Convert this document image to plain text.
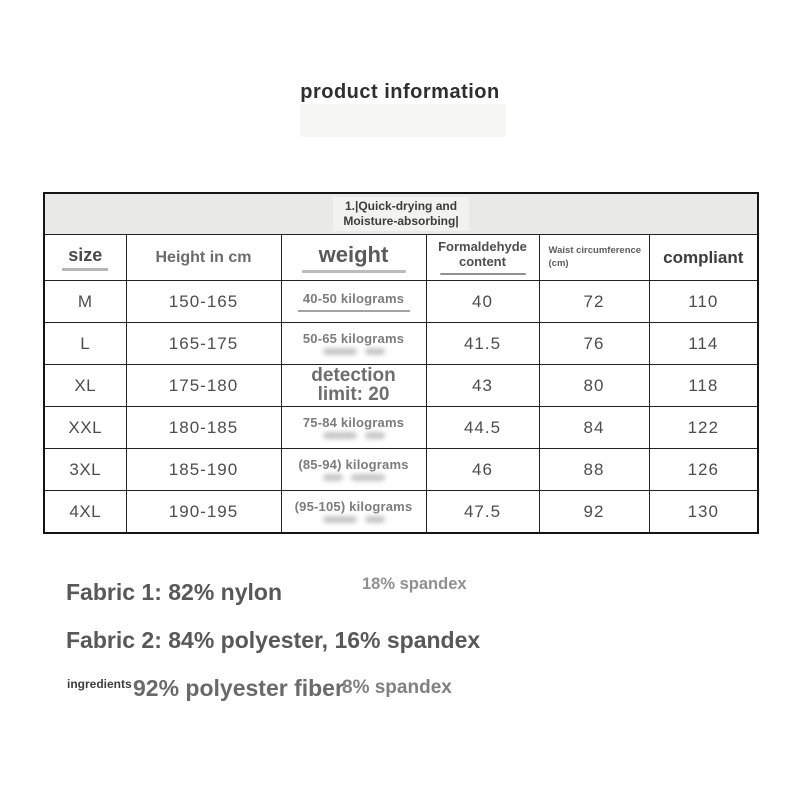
product information
1.|Quick-drying and
Moisture-absorbing|					
size	Height in cm	weight	Formaldehyde content	Waist circumference (cm)	compliant
M	150-165	40-50 kilograms	40	72	110
L	165-175	50-65 kilograms	41.5	76	114
XL	175-180	detection limit: 20	43	80	118
XXL	180-185	75-84 kilograms	44.5	84	122
3XL	185-190	(85-94) kilograms	46	88	126
4XL	190-195	(95-105) kilograms	47.5	92	130
Fabric 1: 82% nylon	18% spandex
Fabric 2: 84% polyester, 16% spandex
ingredients 92% polyester fiber
8% spandex
